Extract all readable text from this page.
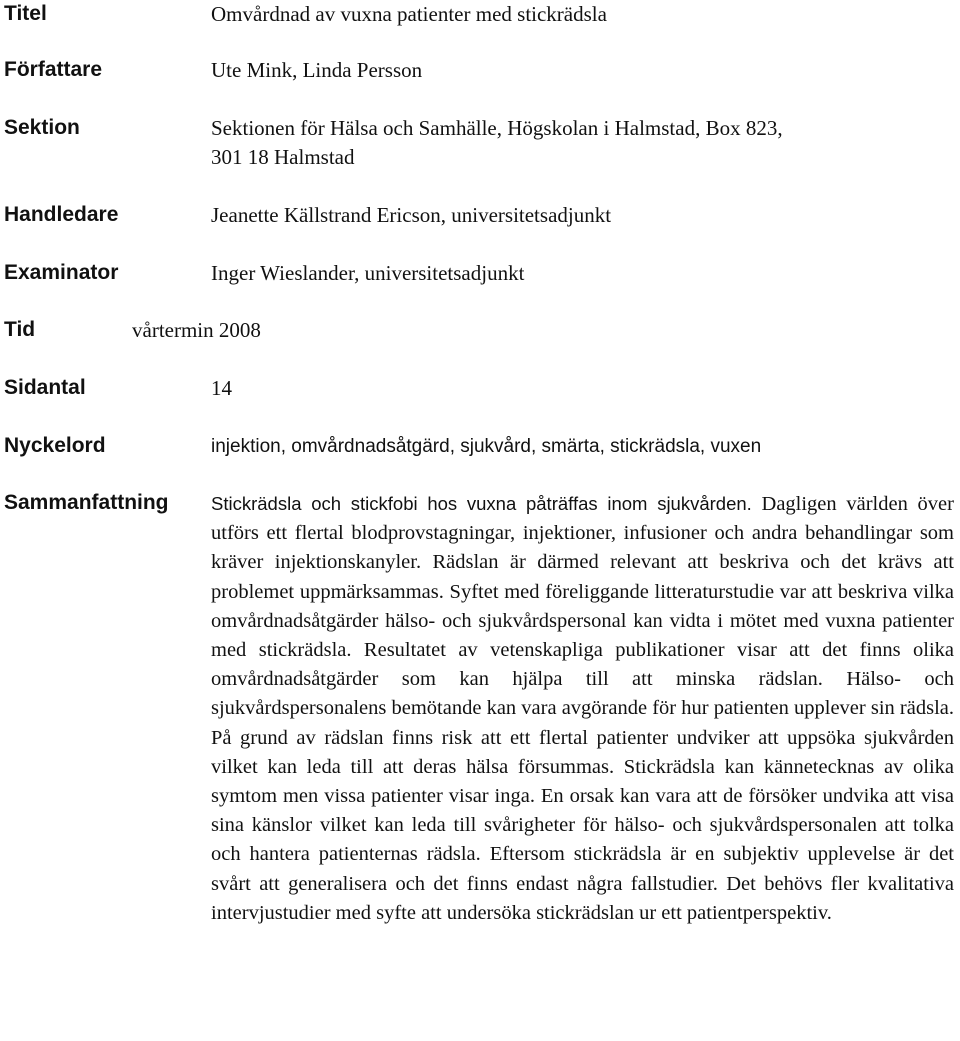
Titel	Omvårdnad av vuxna patienter med stickrädsla
Författare	Ute Mink, Linda Persson
Sektion	Sektionen för Hälsa och Samhälle, Högskolan i Halmstad, Box 823,
301 18 Halmstad
Handledare	Jeanette Källstrand Ericson, universitetsadjunkt
Examinator	Inger Wieslander, universitetsadjunkt
Tid	vårtermin 2008
Sidantal	14
Nyckelord	injektion, omvårdnadsåtgärd, sjukvård, smärta, stickrädsla, vuxen
Sammanfattning Stickrädsla och stickfobi hos vuxna påträffas inom sjukvården. Dagligen världen över utförs ett flertal blodprovstagningar, injektioner, infusioner och andra behandlingar som kräver injektionskanyler. Rädslan är därmed relevant att beskriva och det krävs att problemet uppmärksammas. Syftet med föreliggande litteraturstudie var att beskriva vilka omvårdnadsåtgärder hälso- och sjukvårdspersonal kan vidta i mötet med vuxna patienter med stickrädsla. Resultatet av vetenskapliga publikationer visar att det finns olika omvårdnadsåtgärder som kan hjälpa till att minska rädslan. Hälso- och sjukvårdspersonalens bemötande kan vara avgörande för hur patienten upplever sin rädsla. På grund av rädslan finns risk att ett flertal patienter undviker att uppsöka sjukvården vilket kan leda till att deras hälsa försummas. Stickrädsla kan kännetecknas av olika symtom men vissa patienter visar inga. En orsak kan vara att de försöker undvika att visa sina känslor vilket kan leda till svårigheter för hälso- och sjukvårdspersonalen att tolka och hantera patienternas rädsla. Eftersom stickrädsla är en subjektiv upplevelse är det svårt att generalisera och det finns endast några fallstudier. Det behövs fler kvalitativa intervjustudier med syfte att undersöka stickrädslan ur ett patientperspektiv.
